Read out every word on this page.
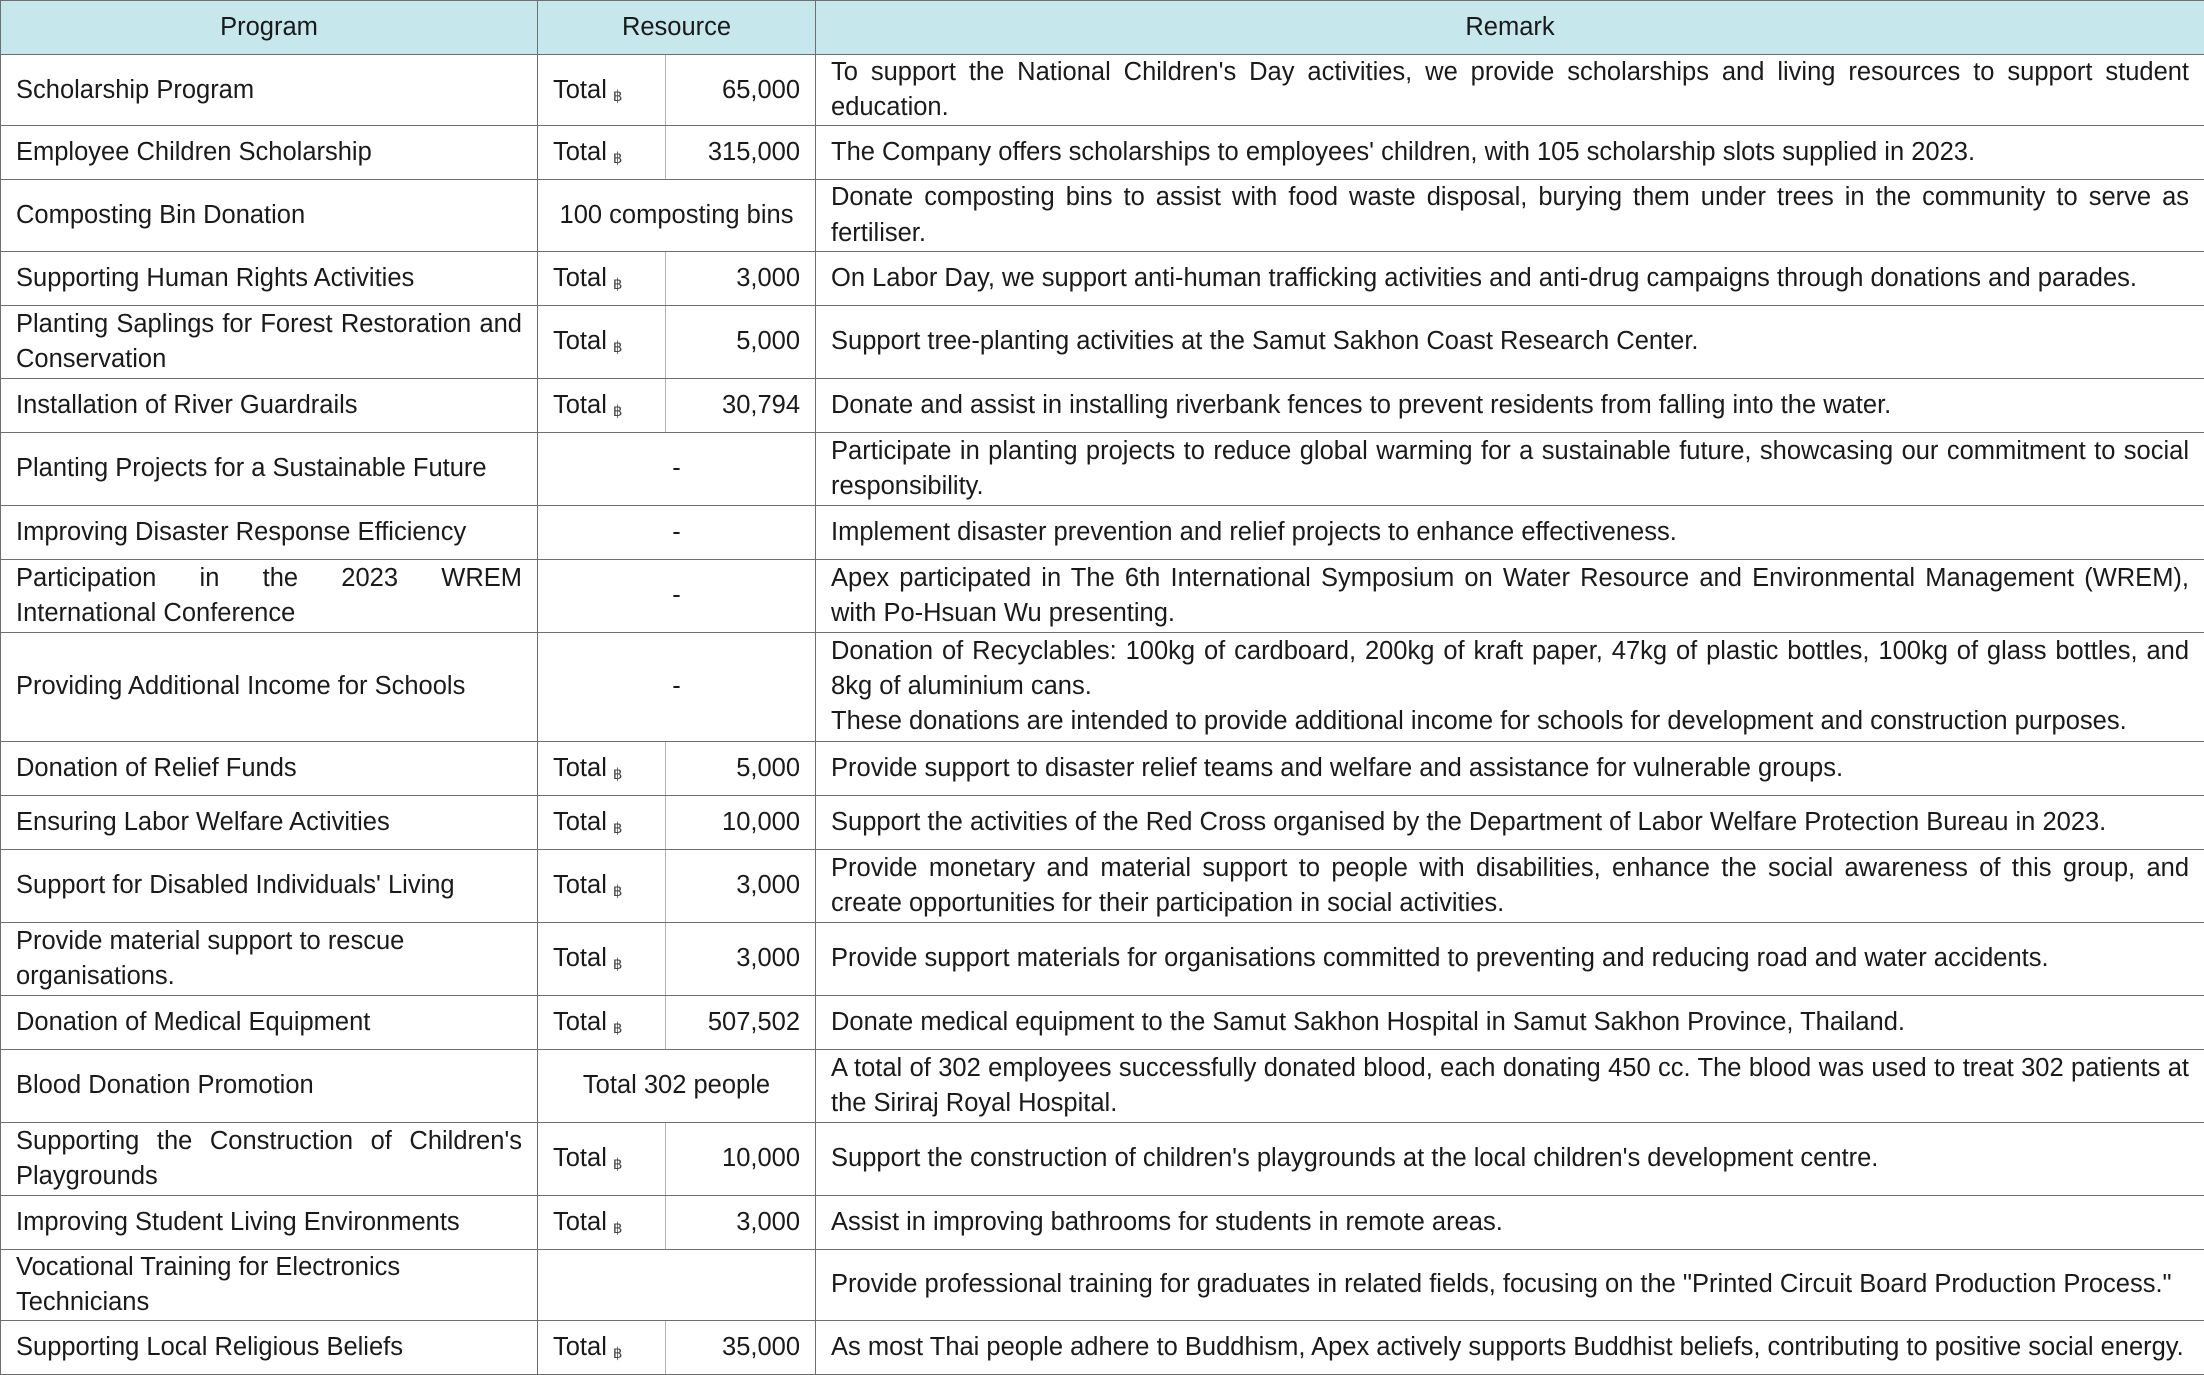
Program	Resource		Remark
Scholarship Program	Total ฿	65,000	To support the National Children's Day activities, we provide scholarships and living resources to support student education.
Employee Children Scholarship	Total ฿	315,000	The Company offers scholarships to employees' children, with 105 scholarship slots supplied in 2023.
Composting Bin Donation	100 composting bins		Donate composting bins to assist with food waste disposal, burying them under trees in the community to serve as fertiliser.
Supporting Human Rights Activities	Total ฿	3,000	On Labor Day, we support anti-human trafficking activities and anti-drug campaigns through donations and parades.
Planting Saplings for Forest Restoration and Conservation	Total ฿	5,000	Support tree-planting activities at the Samut Sakhon Coast Research Center.
Installation of River Guardrails	Total ฿	30,794	Donate and assist in installing riverbank fences to prevent residents from falling into the water.
Planting Projects for a Sustainable Future	-		Participate in planting projects to reduce global warming for a sustainable future, showcasing our commitment to social responsibility.
Improving Disaster Response Efficiency	-		Implement disaster prevention and relief projects to enhance effectiveness.
Participation in the 2023 WREM International Conference	-		Apex participated in The 6th International Symposium on Water Resource and Environmental Management (WREM), with Po-Hsuan Wu presenting.
Providing Additional Income for Schools	-		Donation of Recyclables: 100kg of cardboard, 200kg of kraft paper, 47kg of plastic bottles, 100kg of glass bottles, and 8kg of aluminium cans.
These donations are intended to provide additional income for schools for development and construction purposes.

Donation of Relief Funds	Total ฿	5,000	Provide support to disaster relief teams and welfare and assistance for vulnerable groups.
Ensuring Labor Welfare Activities	Total ฿	10,000	Support the activities of the Red Cross organised by the Department of Labor Welfare Protection Bureau in 2023.
Support for Disabled Individuals' Living	Total ฿	3,000	Provide monetary and material support to people with disabilities, enhance the social awareness of this group, and create opportunities for their participation in social activities.
Provide material support to rescue organisations.	Total ฿	3,000	Provide support materials for organisations committed to preventing and reducing road and water accidents.
Donation of Medical Equipment	Total ฿	507,502	Donate medical equipment to the Samut Sakhon Hospital in Samut Sakhon Province, Thailand.
Blood Donation Promotion	Total 302 people		A total of 302 employees successfully donated blood, each donating 450 cc. The blood was used to treat 302 patients at the Siriraj Royal Hospital.
Supporting the Construction of Children's Playgrounds	Total ฿	10,000	Support the construction of children's playgrounds at the local children's development centre.
Improving Student Living Environments	Total ฿	3,000	Assist in improving bathrooms for students in remote areas.
Vocational Training for Electronics Technicians			Provide professional training for graduates in related fields, focusing on the "Printed Circuit Board Production Process."
Supporting Local Religious Beliefs	Total ฿	35,000	As most Thai people adhere to Buddhism, Apex actively supports Buddhist beliefs, contributing to positive social energy.
